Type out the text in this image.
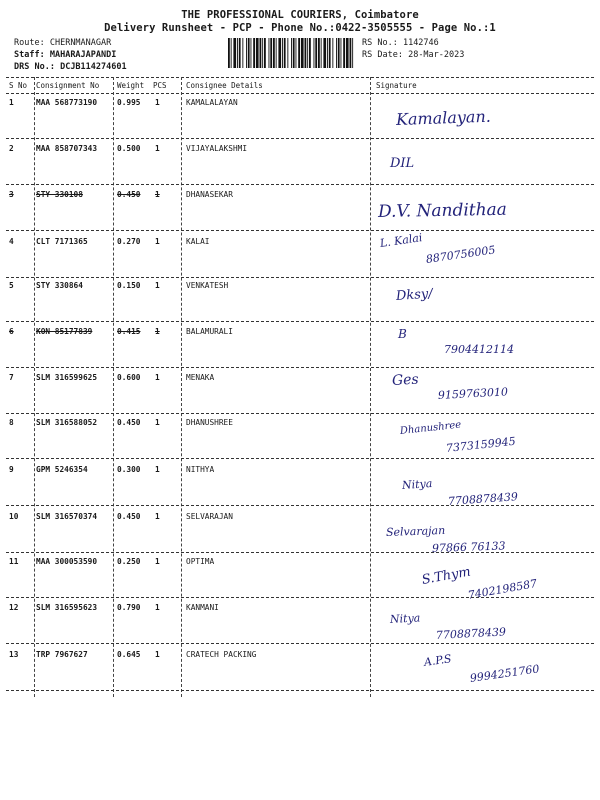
THE PROFESSIONAL COURIERS, Coimbatore
Delivery Runsheet - PCP - Phone No.:0422-3505555 - Page No.:1
Route: CHERNMANAGAR
Staff: MAHARAJAPANDI
DRS No.: DCJB114274601
RS No.: 1142746
RS Date: 28-Mar-2023
S No Consignment No Weight PCS	Consignee Details	Signature
1	MAA 568773190	0.995 1	KAMALALAYAN
Kamalayan.
2	MAA 858707343	0.500 1	VIJAYALAKSHMI
DIL
3	STY 330108	0.450 1	DHANASEKAR
D.V. Nandithaa
4	CLT 7171365	0.270 1	KALAI	L. Kalai
8870756005
5	STY 330864	0.150 1	VENKATESH
Dksy/
6	KON 85177839	0.415 1	BALAMURALI	B
7904412114
7	SLM 316599625	0.600 1	MENAKA	Ges
9159763010
8	SLM 316588052	0.450 1	DHANUSHREE	Dhanushree
7373159945
9	GPM 5246354	0.300 1	NITHYA
Nitya
7708878439
10 SLM 316570374	0.450 1	SELVARAJAN
Selvarajan
97866 76133
11 MAA 300053590	0.250 1	OPTIMA
S.Thym
7402198587
12 SLM 316595623	0.790 1	KANMANI
Nitya
7708878439
13 TRP 7967627	0.645 1	CRATECH PACKING	A.P.S
9994251760
